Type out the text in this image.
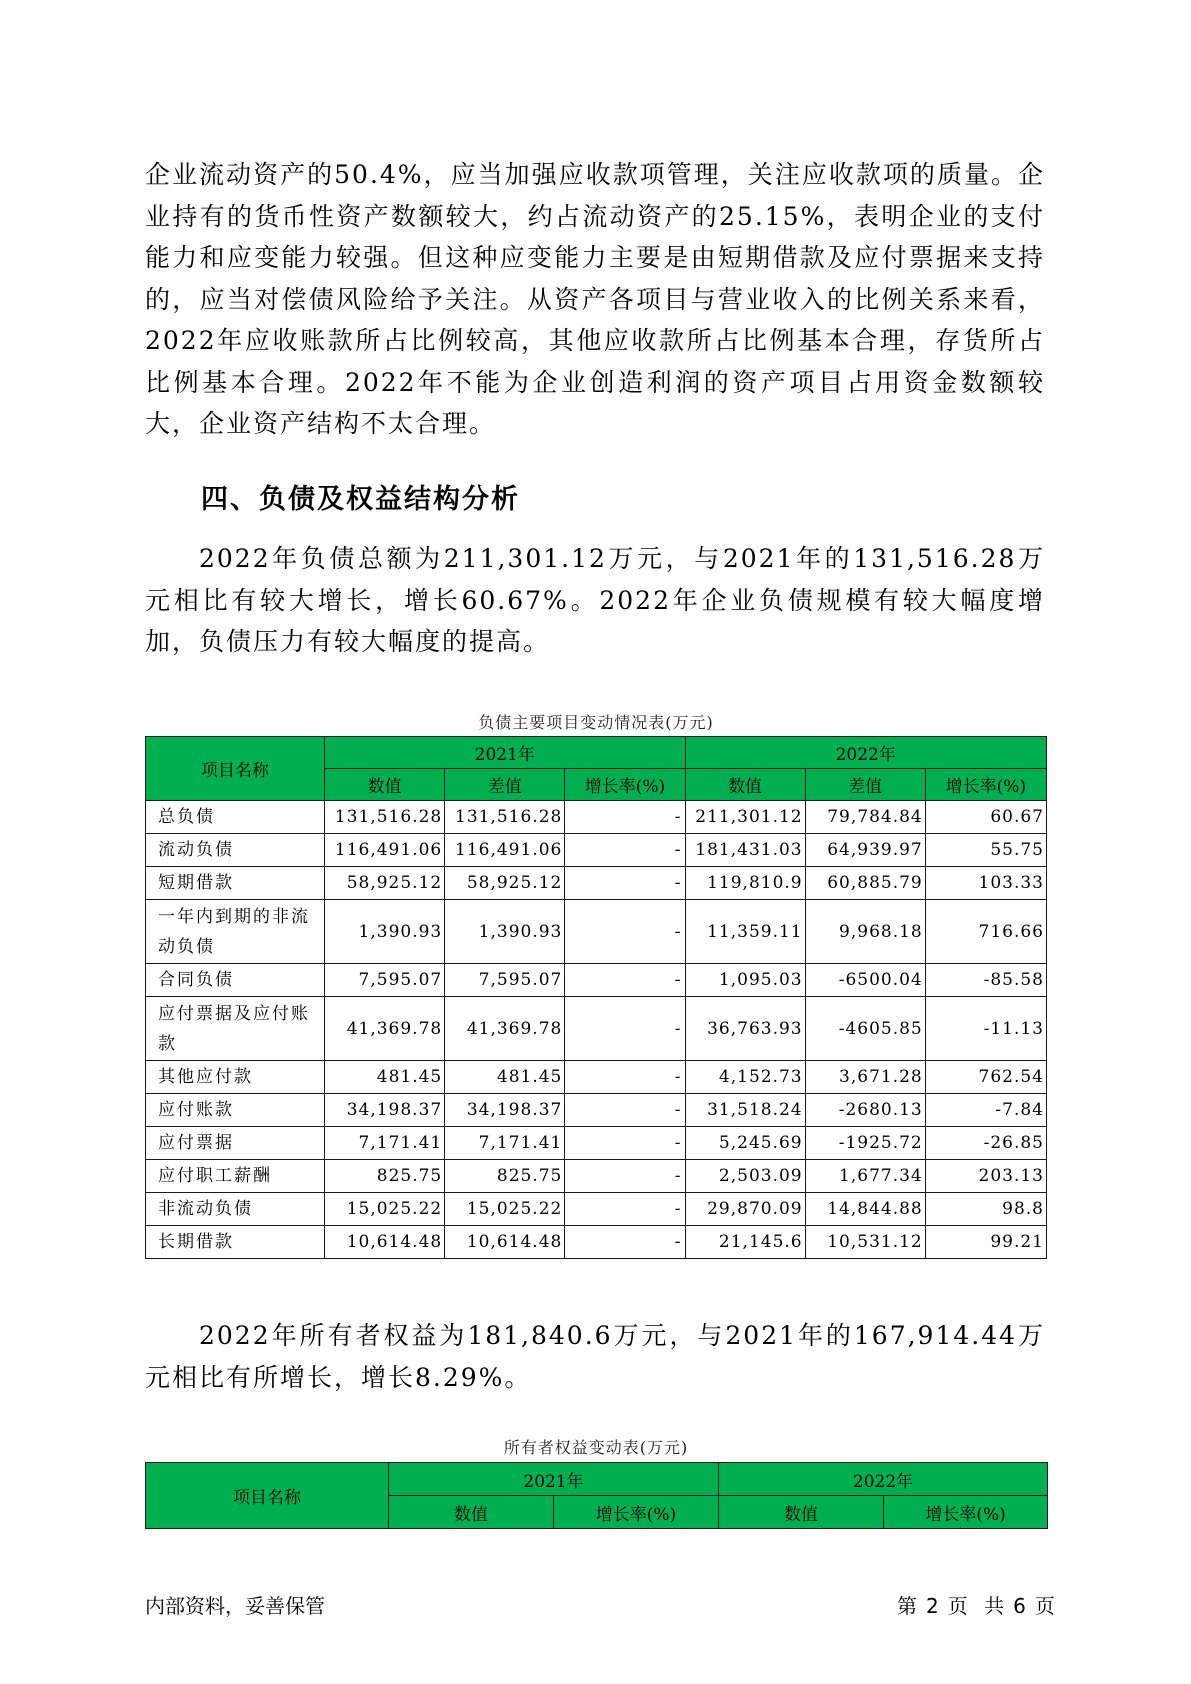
企业流动资产的50.4%，应当加强应收款项管理，关注应收款项的质量。企业持有的货币性资产数额较大，约占流动资产的25.15%，表明企业的支付能力和应变能力较强。但这种应变能力主要是由短期借款及应付票据来支持的，应当对偿债风险给予关注。从资产各项目与营业收入的比例关系来看，2022年应收账款所占比例较高，其他应收款所占比例基本合理，存货所占比例基本合理。2022年不能为企业创造利润的资产项目占用资金数额较大，企业资产结构不太合理。

四、负债及权益结构分析

2022年负债总额为211,301.12万元，与2021年的131,516.28万元相比有较大增长，增长60.67%。2022年企业负债规模有较大幅度增加，负债压力有较大幅度的提高。

负债主要项目变动情况表(万元)
项目名称	2021年			2022年		
	数值	差值	增长率(%)	数值	差值	增长率(%)
总负债	131,516.28	131,516.28	-	211,301.12	79,784.84	60.67
流动负债	116,491.06	116,491.06	-	181,431.03	64,939.97	55.75
短期借款	58,925.12	58,925.12	-	119,810.9	60,885.79	103.33
一年内到期的非流动负债	1,390.93	1,390.93	-	11,359.11	9,968.18	716.66
合同负债	7,595.07	7,595.07	-	1,095.03	-6500.04	-85.58
应付票据及应付账款	41,369.78	41,369.78	-	36,763.93	-4605.85	-11.13
其他应付款	481.45	481.45	-	4,152.73	3,671.28	762.54
应付账款	34,198.37	34,198.37	-	31,518.24	-2680.13	-7.84
应付票据	7,171.41	7,171.41	-	5,245.69	-1925.72	-26.85
应付职工薪酬	825.75	825.75	-	2,503.09	1,677.34	203.13
非流动负债	15,025.22	15,025.22	-	29,870.09	14,844.88	98.8
长期借款	10,614.48	10,614.48	-	21,145.6	10,531.12	99.21

2022年所有者权益为181,840.6万元，与2021年的167,914.44万元相比有所增长，增长8.29%。

所有者权益变动表(万元)
项目名称	2021年		2022年	
	数值	增长率(%)	数值	增长率(%)
内部资料，妥善保管	第 2 页 共 6 页
